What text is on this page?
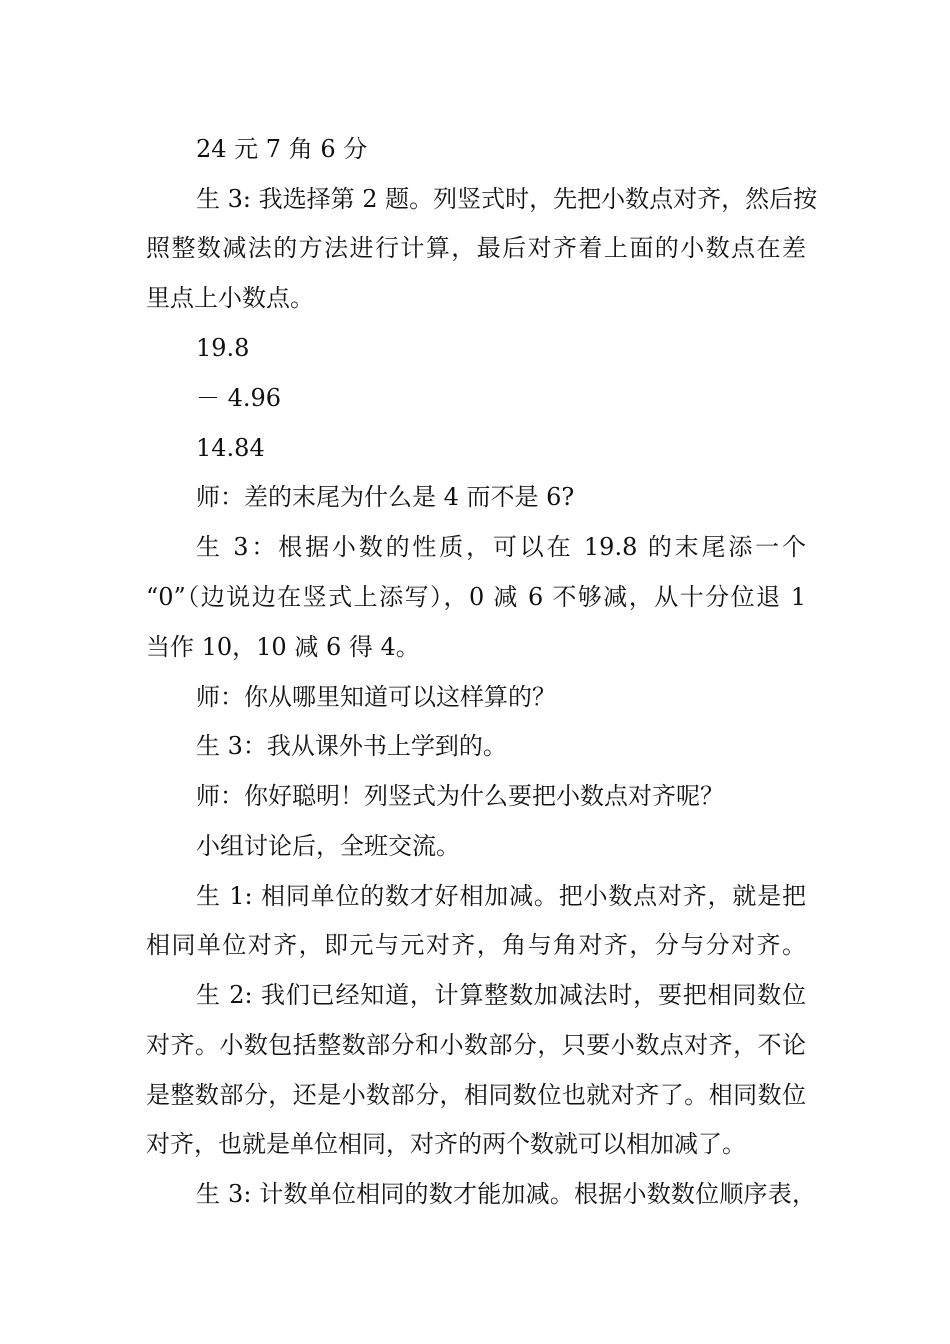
24 元 7 角 6 分
生 3: 我选择第 2 题。列竖式时，先把小数点对齐，然后按
照整数减法的方法进行计算，最后对齐着上面的小数点在差
里点上小数点。
19.8
－ 4.96
14.84
师：差的末尾为什么是 4 而不是 6?
生 3：根据小数的性质，可以在 19.8 的末尾添一个
“0”（边说边在竖式上添写），0 减 6 不够减，从十分位退 1
当作 10，10 减 6 得 4。
师：你从哪里知道可以这样算的？
生 3：我从课外书上学到的。
师：你好聪明！列竖式为什么要把小数点对齐呢？
小组讨论后，全班交流。
生 1: 相同单位的数才好相加减。把小数点对齐，就是把
相同单位对齐，即元与元对齐，角与角对齐，分与分对齐。
生 2: 我们已经知道，计算整数加减法时，要把相同数位
对齐。小数包括整数部分和小数部分，只要小数点对齐，不论
是整数部分，还是小数部分，相同数位也就对齐了。相同数位
对齐，也就是单位相同，对齐的两个数就可以相加减了。
生 3: 计数单位相同的数才能加减。根据小数数位顺序表，
